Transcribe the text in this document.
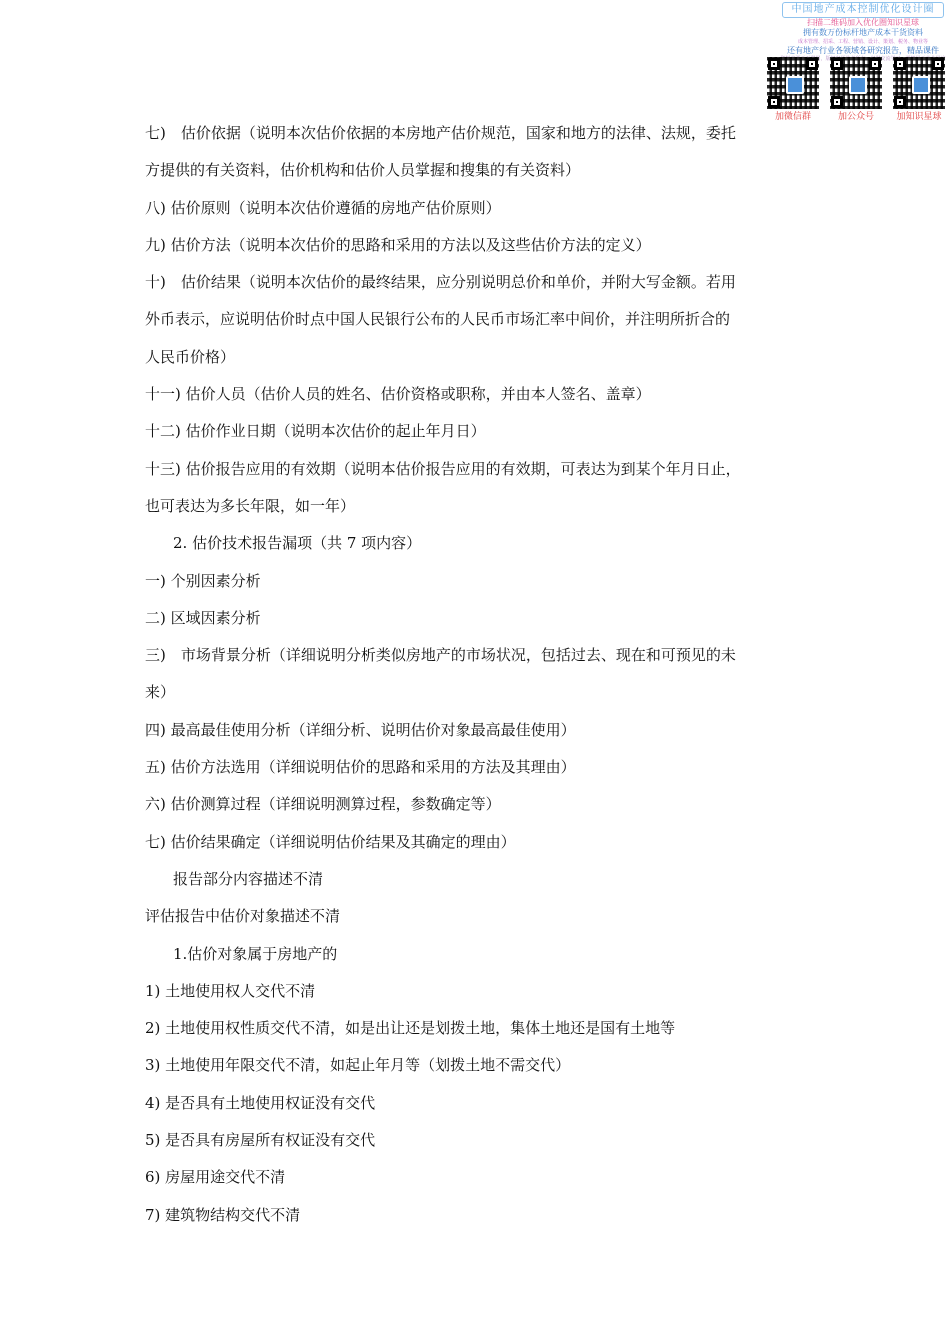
中国地产成本控制优化设计圈
扫描二维码加入优化圈知识星球
拥有数万份标杆地产成本干货资料
成本管理、招采、工程、营销、设计、策划、税务、物业等
还有地产行业各领域各研究报告，精品课件
加微信群	加公众号	加知识星球
七)　估价依据（说明本次估价依据的本房地产估价规范，国家和地方的法律、法规，委托
方提供的有关资料，估价机构和估价人员掌握和搜集的有关资料）
八) 估价原则（说明本次估价遵循的房地产估价原则）
九) 估价方法（说明本次估价的思路和采用的方法以及这些估价方法的定义）
十)　估价结果（说明本次估价的最终结果，应分别说明总价和单价，并附大写金额。若用
外币表示，应说明估价时点中国人民银行公布的人民币市场汇率中间价，并注明所折合的
人民币价格）
十一) 估价人员（估价人员的姓名、估价资格或职称，并由本人签名、盖章）
十二) 估价作业日期（说明本次估价的起止年月日）
十三) 估价报告应用的有效期（说明本估价报告应用的有效期，可表达为到某个年月日止，
也可表达为多长年限，如一年）
2. 估价技术报告漏项（共 7 项内容）
一) 个别因素分析
二) 区域因素分析
三)　市场背景分析（详细说明分析类似房地产的市场状况，包括过去、现在和可预见的未
来）
四) 最高最佳使用分析（详细分析、说明估价对象最高最佳使用）
五) 估价方法选用（详细说明估价的思路和采用的方法及其理由）
六) 估价测算过程（详细说明测算过程，参数确定等）
七) 估价结果确定（详细说明估价结果及其确定的理由）
报告部分内容描述不清
评估报告中估价对象描述不清
1.估价对象属于房地产的
1) 土地使用权人交代不清
2) 土地使用权性质交代不清，如是出让还是划拨土地，集体土地还是国有土地等
3) 土地使用年限交代不清，如起止年月等（划拨土地不需交代）
4) 是否具有土地使用权证没有交代
5) 是否具有房屋所有权证没有交代
6) 房屋用途交代不清
7) 建筑物结构交代不清
